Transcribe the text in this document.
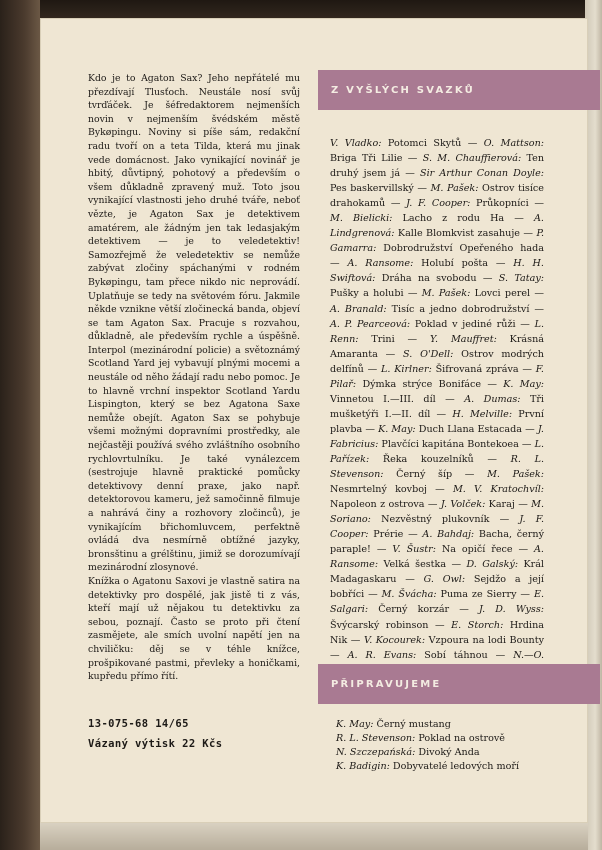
Kdo je to Agaton Sax? Jeho nepřátelé mu přezdívají Tlusťoch. Neustále nosí svůj tvrďáček. Je šéfredaktorem nejmenších novin v nejmenším švédském městě Bykøpingu. Noviny si píše sám, redakční radu tvoří on a teta Tilda, která mu jinak vede domácnost. Jako vynikající novinář je hbitý, důvtipný, pohotový a především o všem důkladně zpravený muž. Toto jsou vynikající vlastnosti jeho druhé tváře, neboť vězte, je Agaton Sax je detektivem amatérem, ale žádným jen tak ledasjakým detektivem — je to veledetektiv! Samozřejmě že veledetektiv se nemůže zabývat zločiny spáchanými v rodném Bykøpingu, tam přece nikdo nic neprovádí. Uplatňuje se tedy na světovém fóru. Jakmile někde vznikne větší zločinecká banda, objeví se tam Agaton Sax. Pracuje s rozvahou, důkladně, ale především rychle a úspěšně. Interpol (mezinárodní policie) a světoznámý Scotland Yard jej vybavují plnými mocemi a neustále od něho žádají radu nebo pomoc. Je to hlavně vrchní inspektor Scotland Yardu Lispington, který se bez Agatona Saxe nemůže obejít. Agaton Sax se pohybuje všemi možnými dopravními prostředky, ale nejčastěji používá svého zvláštního osobního rychlovrtulníku. Je také vynálezcem (sestrojuje hlavně praktické pomůcky detektivovy denní praxe, jako např. detektorovou kameru, jež samočinně filmuje a nahrává činy a rozhovory zločinců), je vynikajícím břichomluvcem, perfektně ovládá dva nesmírně obtížné jazyky, bronsštinu a grélštinu, jimiž se dorozumívají mezinárodní zlosynové.

Knížka o Agatonu Saxovi je vlastně satira na detektivky pro dospělé, jak jistě ti z vás, kteří mají už nějakou tu detektivku za sebou, poznají. Často se proto při čtení zasmějete, ale smích uvolní napětí jen na chviličku: děj se v téhle knížce, prošpikované pastmi, převleky a honičkami, kupředu přímo řítí.

13-075-68 14/65
Vázaný výtisk 22 Kčs
Z VYŠLÝCH SVAZKŮ
V. Vladko: Potomci Skytů — O. Mattson: Briga Tři Lilie — S. M. Chauffierová: Ten druhý jsem já — Sir Arthur Conan Doyle: Pes baskervillský — M. Pašek: Ostrov tisíce drahokamů — J. F. Cooper: Průkopníci — M. Bielicki: Lacho z rodu Ha — A. Lindgrenová: Kalle Blomkvist zasahuje — P. Gamarra: Dobrodružství Opeřeného hada — A. Ransome: Holubí pošta — H. H. Swiftová: Dráha na svobodu — S. Tatay: Pušky a holubi — M. Pašek: Lovci perel — A. Branald: Tisíc a jedno dobrodružství — A. P. Pearceová: Poklad v jediné růži — L. Renn: Trini — Y. Mauffret: Krásná Amaranta — S. O'Dell: Ostrov modrých delfínů — L. Kirlner: Šifrovaná zpráva — F. Pilař: Dýmka strýce Bonifáce — K. May: Vinnetou I.—III. díl — A. Dumas: Tři mušketýři I.—II. díl — H. Melville: První plavba — K. May: Duch Llana Estacada — J. Fabricius: Plavčíci kapitána Bontekoea — L. Pařízek: Řeka kouzelníků — R. L. Stevenson: Černý šíp — M. Pašek: Nesmrtelný kovboj — M. V. Kratochvíl: Napoleon z ostrova — J. Volček: Karaj — M. Soriano: Nezvěstný plukovník — J. F. Cooper: Prérie — A. Bahdaj: Bacha, černý paraple! — V. Šustr: Na opičí řece — A. Ransome: Velká šestka — D. Galský: Král Madagaskaru — G. Owl: Sejdžo a její bobříci — M. Švácha: Puma ze Sierry — E. Salgari: Černý korzár — J. D. Wyss: Švýcarský robinson — E. Storch: Hrdina Nik — V. Kocourek: Vzpoura na lodi Bounty — A. R. Evans: Sobí táhnou — N.—O.
PŘIPRAVUJEME
K. May: Černý mustang
R. L. Stevenson: Poklad na ostrově
N. Szczepańská: Divoký Anda
K. Badigin: Dobyvatelé ledových moří
